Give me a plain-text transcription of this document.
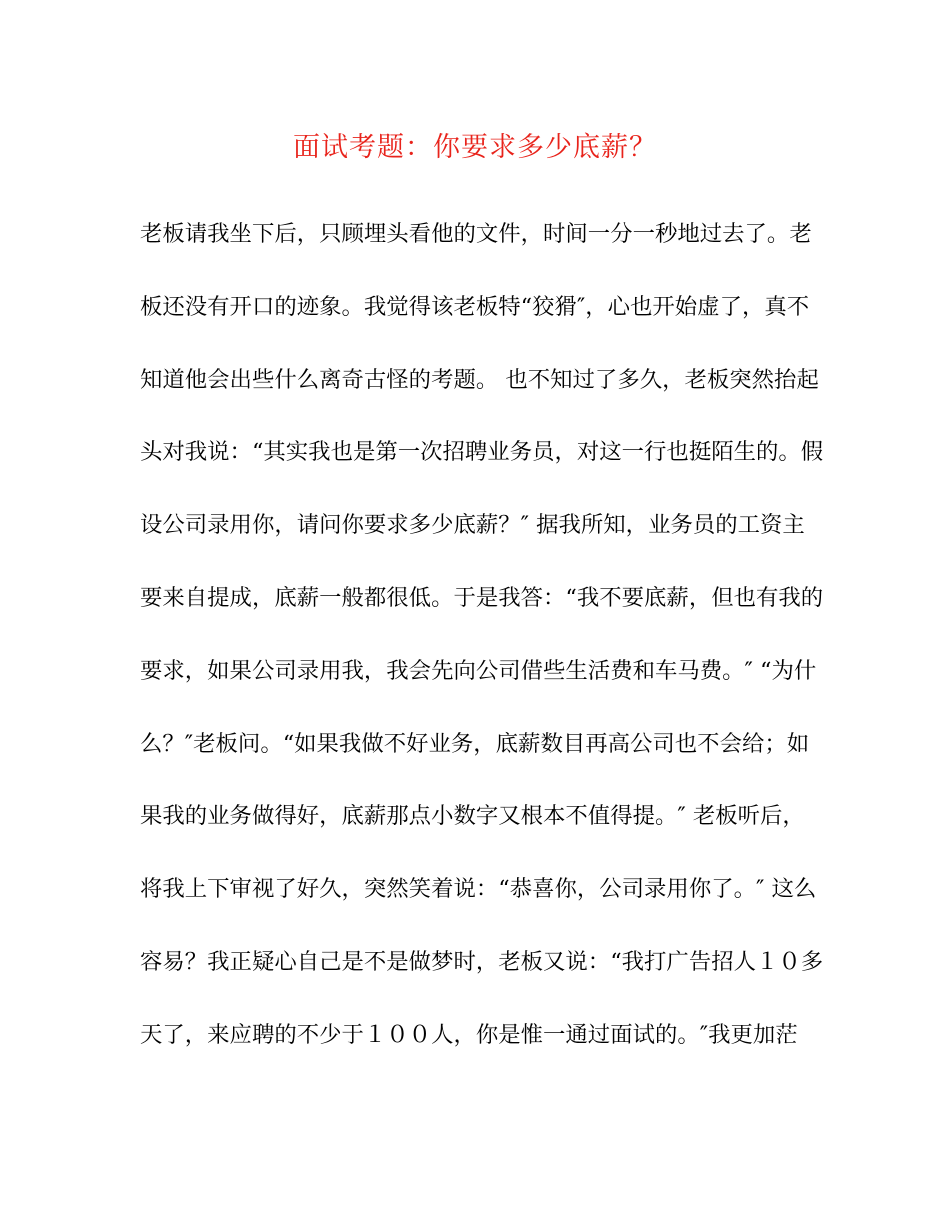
面试考题：你要求多少底薪？
老板请我坐下后，只顾埋头看他的文件，时间一分一秒地过去了。老
板还没有开口的迹象。我觉得该老板特“狡猾″，心也开始虚了，真不
知道他会出些什么离奇古怪的考题。 也不知过了多久，老板突然抬起
头对我说：“其实我也是第一次招聘业务员，对这一行也挺陌生的。假
设公司录用你，请问你要求多少底薪？″ 据我所知，业务员的工资主
要来自提成，底薪一般都很低。于是我答：“我不要底薪，但也有我的
要求，如果公司录用我，我会先向公司借些生活费和车马费。″ “为什
么？″老板问。“如果我做不好业务，底薪数目再高公司也不会给；如
果我的业务做得好，底薪那点小数字又根本不值得提。″ 老板听后，
将我上下审视了好久，突然笑着说：“恭喜你，公司录用你了。″ 这么
容易？我正疑心自己是不是做梦时，老板又说：“我打广告招人１０多
天了，来应聘的不少于１００人，你是惟一通过面试的。″我更加茫
